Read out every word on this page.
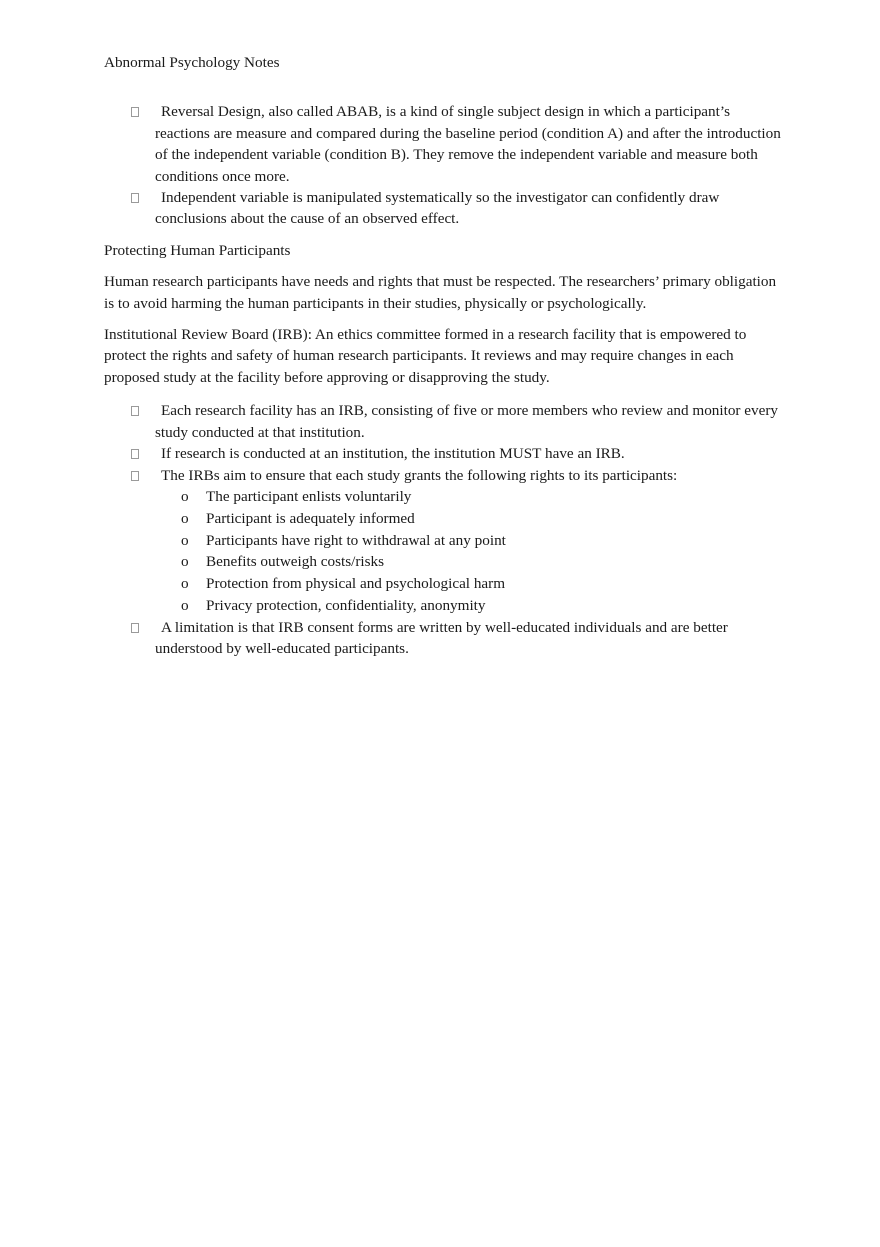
Abnormal Psychology Notes
Reversal Design, also called ABAB, is a kind of single subject design in which a participant’s reactions are measure and compared during the baseline period (condition A) and after the introduction of the independent variable (condition B). They remove the independent variable and measure both conditions once more.
Independent variable is manipulated systematically so the investigator can confidently draw conclusions about the cause of an observed effect.

Protecting Human Participants

Human research participants have needs and rights that must be respected. The researchers’ primary obligation is to avoid harming the human participants in their studies, physically or psychologically.

Institutional Review Board (IRB): An ethics committee formed in a research facility that is empowered to protect the rights and safety of human research participants. It reviews and may require changes in each proposed study at the facility before approving or disapproving the study.

Each research facility has an IRB, consisting of five or more members who review and monitor every study conducted at that institution.
If research is conducted at an institution, the institution MUST have an IRB.
The IRBs aim to ensure that each study grants the following rights to its participants:
o The participant enlists voluntarily
o Participant is adequately informed
o Participants have right to withdrawal at any point
o Benefits outweigh costs/risks
o Protection from physical and psychological harm
o Privacy protection, confidentiality, anonymity
A limitation is that IRB consent forms are written by well-educated individuals and are better understood by well-educated participants.
